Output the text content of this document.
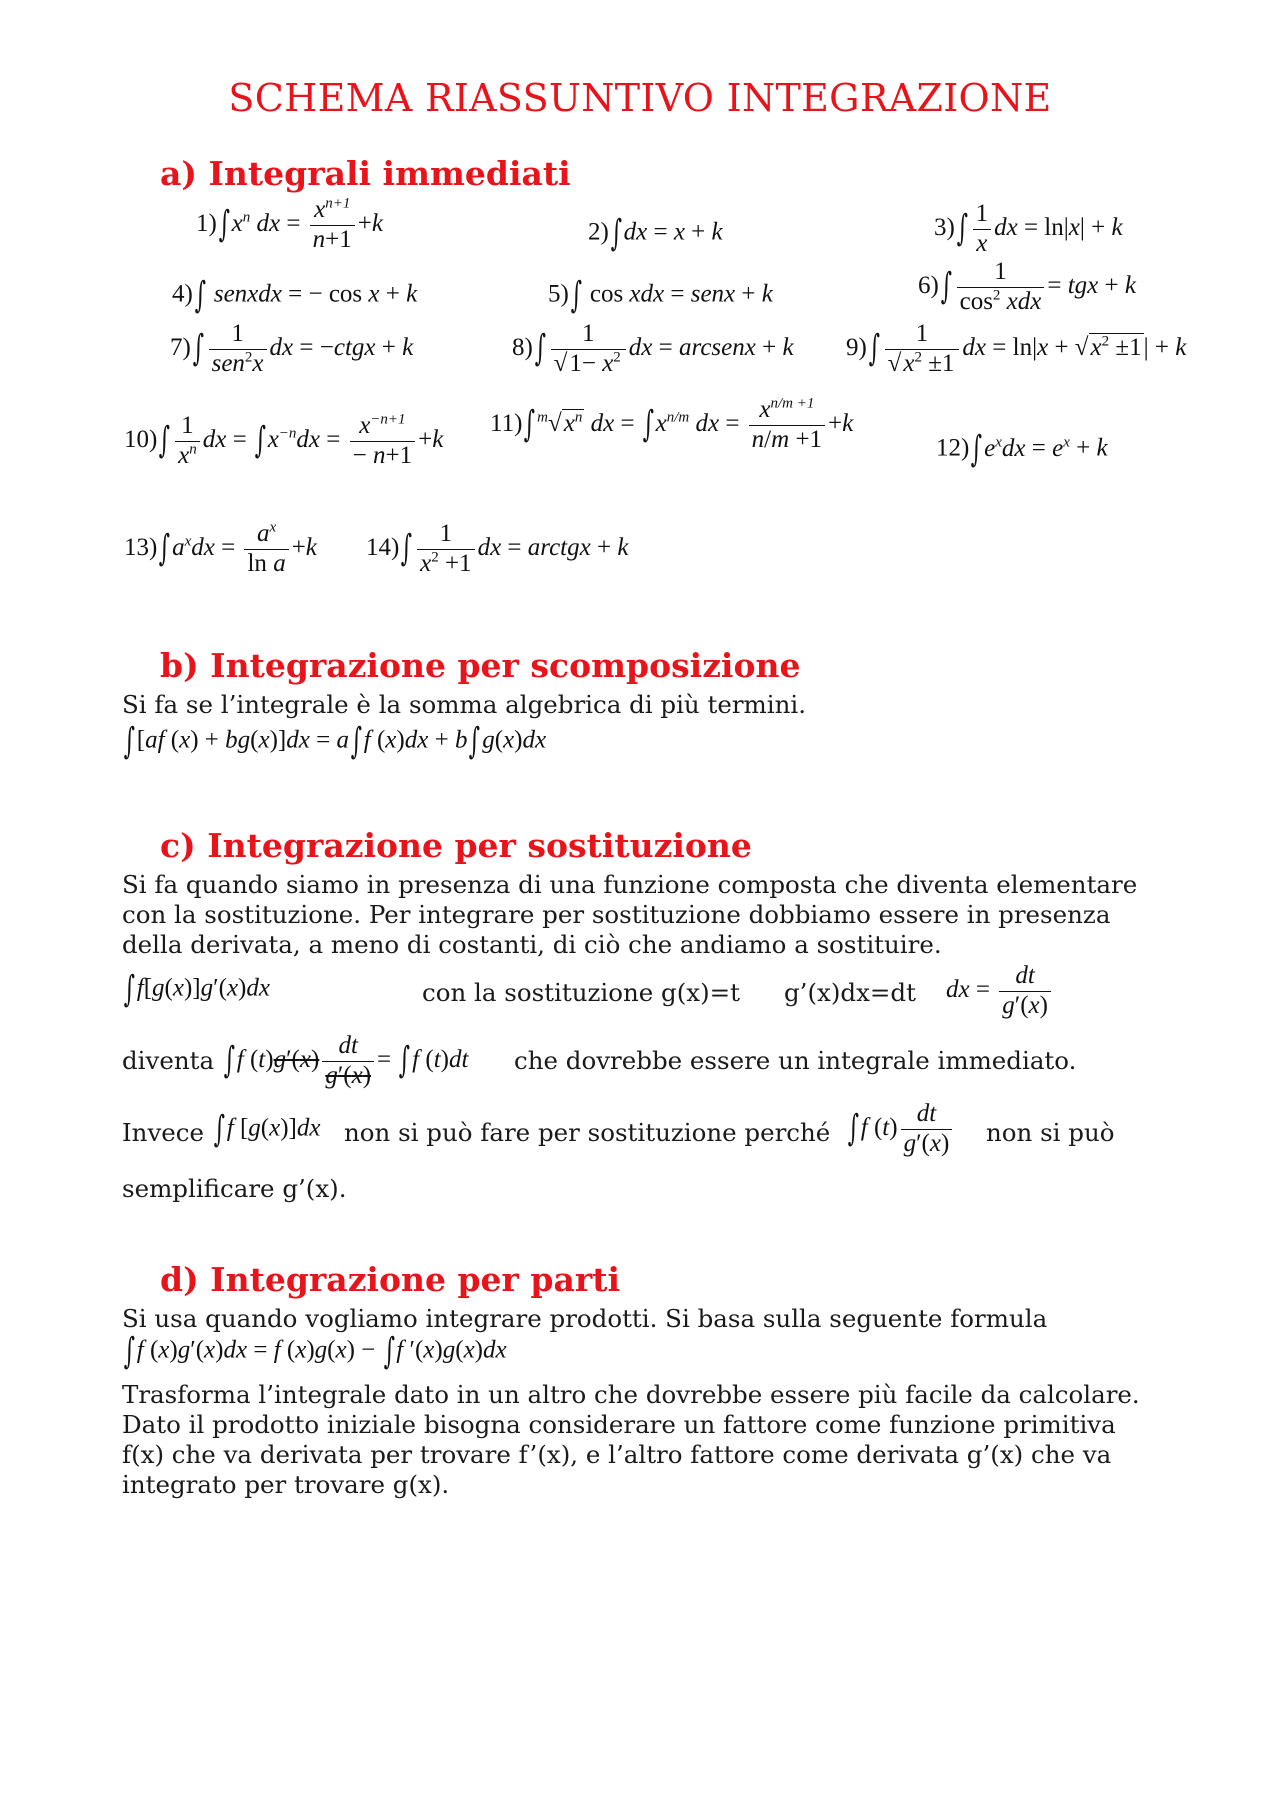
SCHEMA RIASSUNTIVO INTEGRAZIONE
a) Integrali immediati
$1)\int x^n$ dx = $\frac{x^{n+1}}{n+1} +k$	2)∫dx = x + k	$3)\int \frac{1}{x}$ dx = ln|x| + k
4)∫ senxdx = − cos x + k	5)∫ cos xdx = senx + k	$6)\int \frac{1}{\cos^2 xdx}$ = tgx + k
$7)\int \frac{1}{sen^2x}$ dx = −ctgx + k	$8)\int \frac{1}{√1- x^2}$ dx = arcsenx + k $9)\int \frac{1}{√x^2 \pm 1}$ dx = $\ln|x + √x^2 \pm 1| + k$
$10)\int \frac{1}{x^n}$ dx = $\int x^{-n}dx = \frac{x^{-n+1}}{- n+1} +k$
11)∫ $^m√x^n$ dx = $\int x^{n/m}$ dx = $\frac{x^{n/m +1}}{n/m +1} +k$
$12)\int e^xdx = e^x + k$
$13)\int a^xdx = \frac{a^x}{\text{ln a}} +k$ $14)\int \frac{1}{x^2 +1}$ dx = arctgx + k
b) Integrazione per scomposizione
Si fa se l’integrale è la somma algebrica di più termini.
∫[af (x) + bg(x)]dx = a∫f (x)dx + b∫g(x)dx
c) Integrazione per sostituzione
Si fa quando siamo in presenza di una funzione composta che diventa elementare
con la sostituzione. Per integrare per sostituzione dobbiamo essere in presenza
della derivata, a meno di costanti, di ciò che andiamo a sostituire.
∫f[g(x)]g′(x)dx	con la sostituzione g(x)=t g’(x)dx=dt dx = $\frac{dt}{g'(x)}$
diventa ∫f $(t)g'(x) \frac{dt}{g'(x)} = \int f$ (t)dt che dovrebbe essere un integrale immediato.
Invece ∫f [g(x)]dx non si può fare per sostituzione perché ∫f $(t) \frac{dt}{g'(x)}$ non si può
semplificare g’(x).
d) Integrazione per parti
Si usa quando vogliamo integrare prodotti. Si basa sulla seguente formula
∫f (x)g′(x)dx = f (x)g(x) − ∫f ′(x)g(x)dx
Trasforma l’integrale dato in un altro che dovrebbe essere più facile da calcolare.
Dato il prodotto iniziale bisogna considerare un fattore come funzione primitiva
f(x) che va derivata per trovare f’(x), e l’altro fattore come derivata g’(x) che va
integrato per trovare g(x).
